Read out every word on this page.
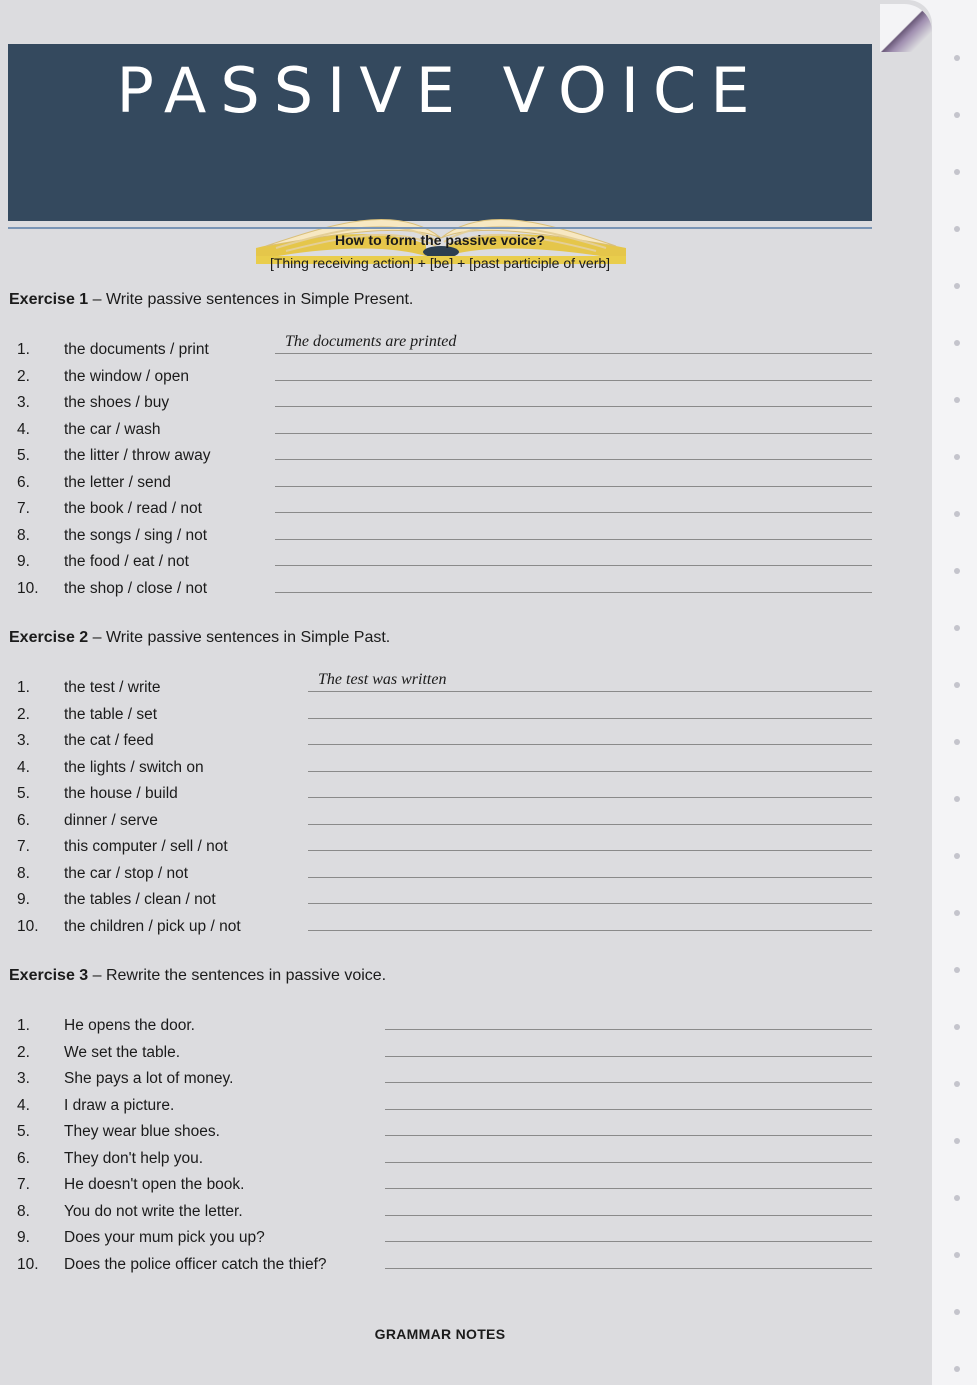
PASSIVE VOICE
How to form the passive voice?
[Thing receiving action] + [be] + [past participle of verb]
Exercise 1 – Write passive sentences in Simple Present.
1. the documents / print	The documents are printed
2. the window / open
3. the shoes / buy
4. the car / wash
5. the litter / throw away
6. the letter / send
7. the book / read / not
8. the songs / sing / not
9. the food / eat / not
10. the shop / close / not
Exercise 2 – Write passive sentences in Simple Past.
1. the test / write	The test was written
2. the table / set
3. the cat / feed
4. the lights / switch on
5. the house / build
6. dinner / serve
7. this computer / sell / not
8. the car / stop / not
9. the tables / clean / not
10. the children / pick up / not
Exercise 3 – Rewrite the sentences in passive voice.
1. He opens the door.
2. We set the table.
3. She pays a lot of money.
4. I draw a picture.
5. They wear blue shoes.
6. They don't help you.
7. He doesn't open the book.
8. You do not write the letter.
9. Does your mum pick you up?
10. Does the police officer catch the thief?
GRAMMAR NOTES
